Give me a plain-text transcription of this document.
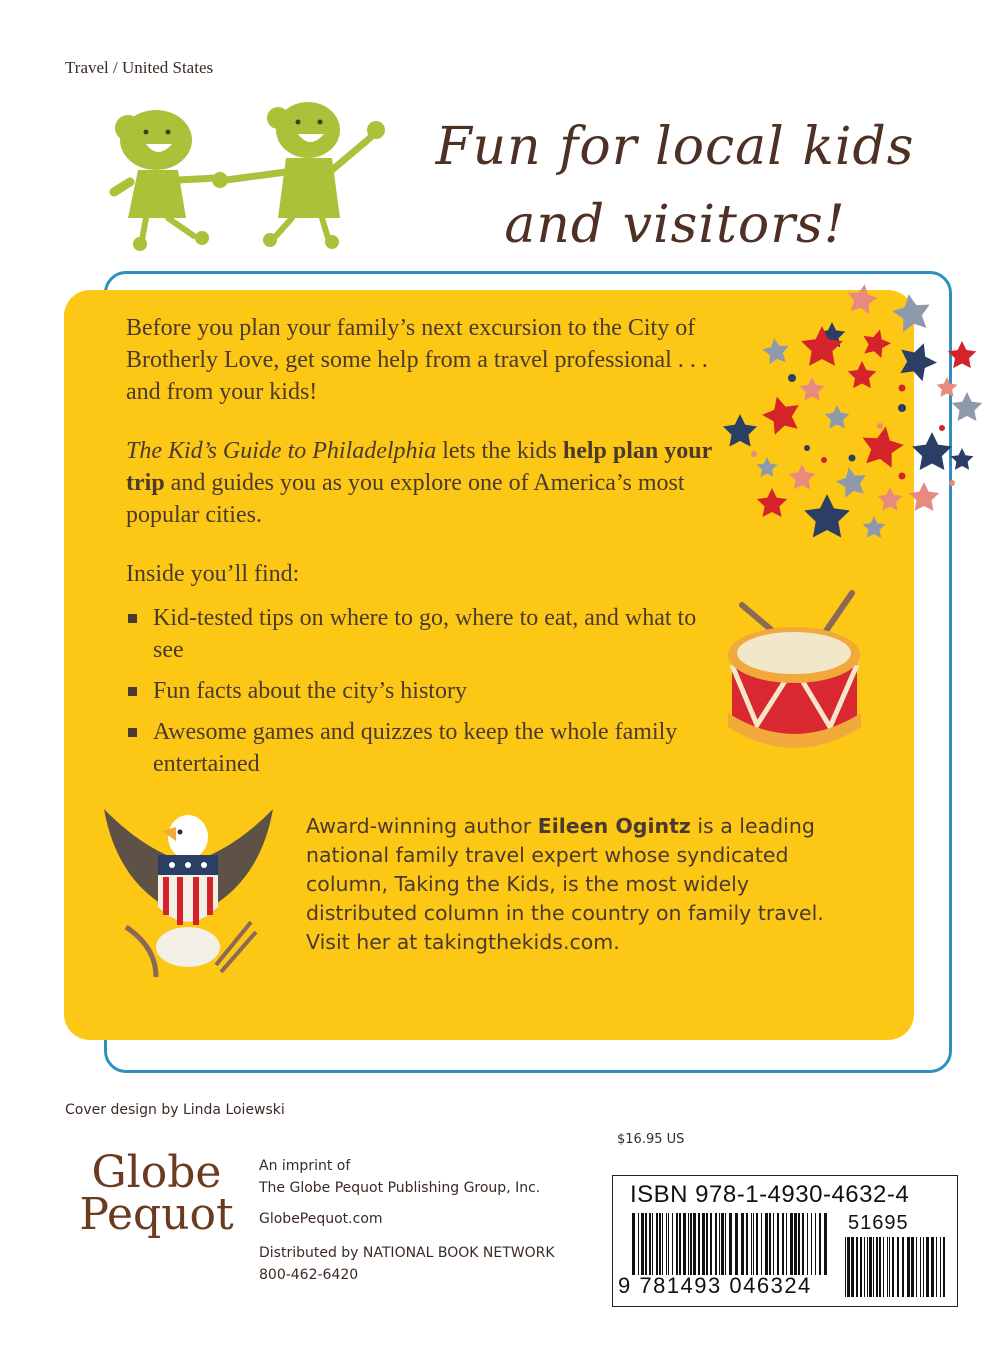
Travel / United States
Fun for local kids
and visitors!

Before you plan your family’s next excursion to the City of Brotherly Love, get some help from a travel professional . . . and from your kids!

The Kid’s Guide to Philadelphia lets the kids help plan your trip and guides you as you explore one of America’s most popular cities.

Inside you’ll find:

Kid-tested tips on where to go, where to eat, and what to see
Fun facts about the city’s history
Awesome games and quizzes to keep the whole family entertained

Award-winning author Eileen Ogintz is a leading national family travel expert whose syndicated column, Taking the Kids, is the most widely distributed column in the country on family travel. Visit her at takingthekids.com.

Cover design by Linda Loiewski
$16.95 US
Globe
Pequot
An imprint of
The Globe Pequot Publishing Group, Inc.
GlobePequot.com
Distributed by NATIONAL BOOK NETWORK
800-462-6420
ISBN 978-1-4930-4632-4
51695
9 781493 046324
